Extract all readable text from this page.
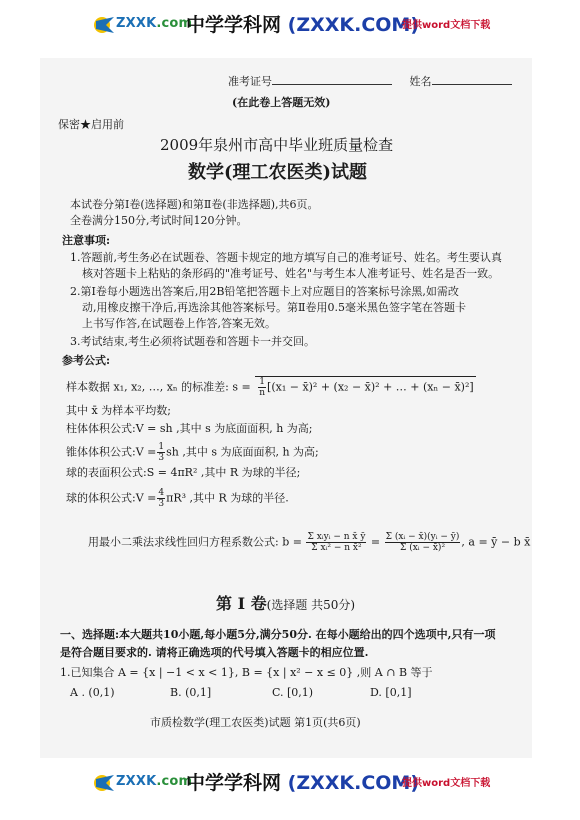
ZXXK.com
中学学科网 (ZXXK.COM)
提供word文档下载
准考证号	姓名
(在此卷上答题无效)
保密★启用前
2009年泉州市高中毕业班质量检查
数学(理工农医类)试题
本试卷分第Ⅰ卷(选择题)和第Ⅱ卷(非选择题),共6页。
全卷满分150分,考试时间120分钟。
注意事项:
1.答题前,考生务必在试题卷、答题卡规定的地方填写自己的准考证号、姓名。考生要认真
核对答题卡上粘贴的条形码的"准考证号、姓名"与考生本人准考证号、姓名是否一致。
2.第Ⅰ卷每小题选出答案后,用2B铅笔把答题卡上对应题目的答案标号涂黑,如需改
动,用橡皮擦干净后,再选涂其他答案标号。第Ⅱ卷用0.5毫米黑色签字笔在答题卡
上书写作答,在试题卷上作答,答案无效。
3.考试结束,考生必须将试题卷和答题卡一并交回。
参考公式:
样本数据 x₁, x₂, …, xₙ 的标准差: $s = \frac{1}{n} [(x_1$ − x̄)² + (x₂ − x̄)² + … + (xₙ − x̄)²]
其中 x̄ 为样本平均数;
柱体体积公式:V = sh ,其中 s 为底面面积, h 为高;
锥体体积公式:V = $\frac{1}{3}$ sh ,其中 s 为底面面积, h 为高;
球的表面积公式:S = 4πR² ,其中 R 为球的半径;
球的体积公式:V = $\frac{4}{3} \pi R^3$ ,其中 R 为球的半径.
用最小二乘法求线性回归方程系数公式: $b = \frac{\text{Σ xᵢyᵢ − n x̄ ȳ}}{\text{Σ xᵢ² − n x̄²}} = \frac{\text{Σ (xᵢ − x̄)(yᵢ − ȳ)}}{\text{Σ (xᵢ − x̄)²}}$ , a = ȳ − b x̄
第 Ⅰ 卷(选择题 共50分)
一、选择题:本大题共10小题,每小题5分,满分50分. 在每小题给出的四个选项中,只有一项
是符合题目要求的. 请将正确选项的代号填入答题卡的相应位置.
1.已知集合 A = {x | −1 < x < 1}, B = {x | x² − x ≤ 0} ,则 A ∩ B 等于
A . (0,1)	B. (0,1]	C. [0,1)	D. [0,1]
市质检数学(理工农医类)试题 第1页(共6页)
ZXXK.com
中学学科网 (ZXXK.COM)
提供word文档下载
